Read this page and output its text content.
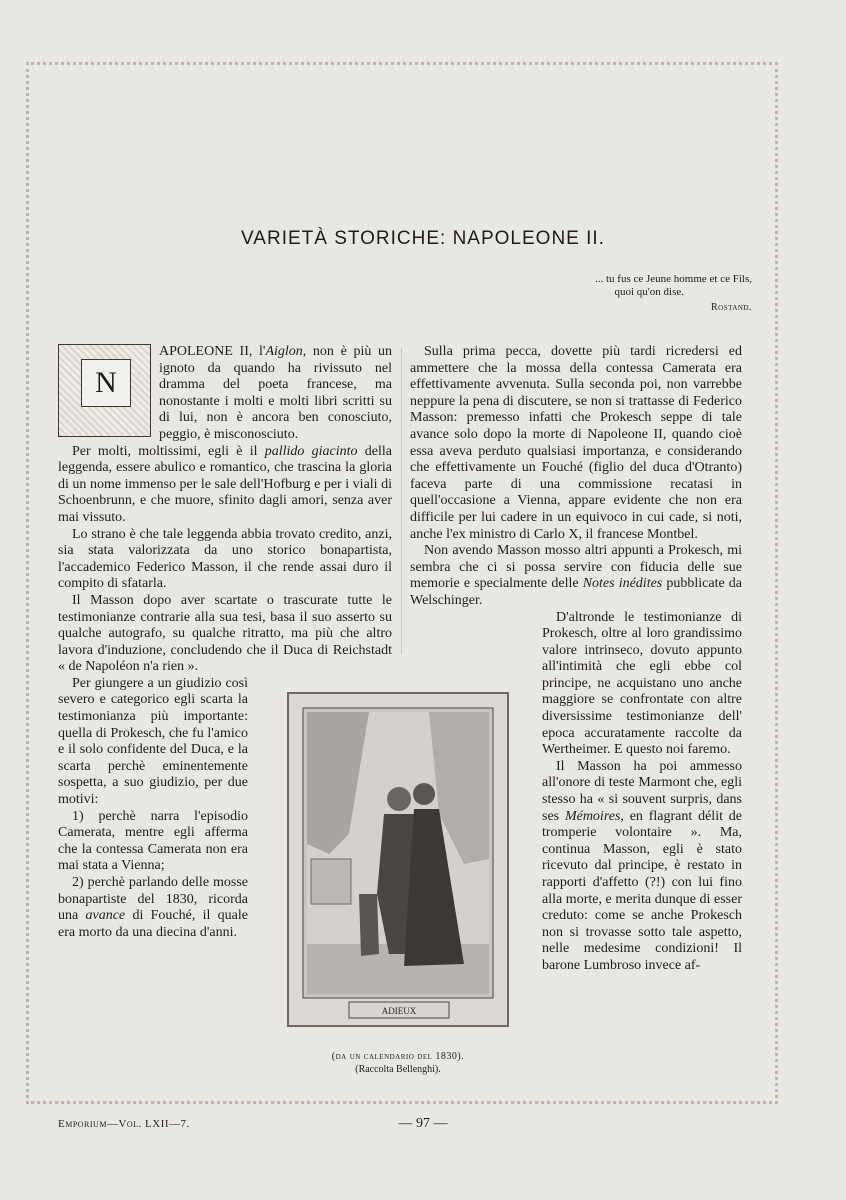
VARIETÀ STORICHE: NAPOLEONE II.
... tu fus ce Jeune homme et ce Fils,
quoi qu'on dise.
Rostand.
N

APOLEONE II, l'Aiglon, non è più un ignoto da quando ha rivissuto nel dramma del poeta francese, ma nonostante i molti e molti libri scritti su di lui, non è ancora ben conosciuto, peggio, è misconosciuto.

Per molti, moltissimi, egli è il pallido giacinto della leggenda, essere abulico e romantico, che trascina la gloria di un nome immenso per le sale dell'Hofburg e per i viali di Schoenbrunn, e che muore, sfinito dagli amori, senza aver mai vissuto.

Lo strano è che tale leggenda abbia trovato credito, anzi, sia stata valorizzata da uno storico bonapartista, l'accademico Federico Masson, il che rende assai duro il compito di sfatarla.

Il Masson dopo aver scartate o trascurate tutte le testimonianze contrarie alla sua tesi, basa il suo asserto su qualche autografo, su qualche ritratto, ma più che altro lavora d'induzione, concludendo che il Duca di Reichstadt « de Napoléon n'a rien ».

Per giungere a un giudizio così severo e categorico egli scarta la testimonianza più importante: quella di Prokesch, che fu l'amico e il solo confidente del Duca, e la scarta perchè eminentemente sospetta, a suo giudizio, per due motivi:

1) perchè narra l'episodio Camerata, mentre egli afferma che la contessa Camerata non era mai stata a Vienna;

2) perchè parlando delle mosse bonapartiste del 1830, ricorda una avance di Fouché, il quale era morto da una diecina d'anni.

Sulla prima pecca, dovette più tardi ricredersi ed ammettere che la mossa della contessa Camerata era effettivamente avvenuta. Sulla seconda poi, non varrebbe neppure la pena di discutere, se non si trattasse di Federico Masson: premesso infatti che Prokesch seppe di tale avance solo dopo la morte di Napoleone II, quando cioè essa aveva perduto qualsiasi importanza, e considerando che effettivamente un Fouché (figlio del duca d'Otranto) faceva parte di una commissione recatasi in quell'occasione a Vienna, appare evidente che non era difficile per lui cadere in un equivoco in cui cade, si noti, anche l'ex ministro di Carlo X, il francese Montbel.

Non avendo Masson mosso altri appunti a Prokesch, mi sembra che ci si possa servire con fiducia delle sue memorie e specialmente delle Notes inédites pubblicate da Welschinger.

D'altronde le testimonianze di Prokesch, oltre al loro grandissimo valore intrinseco, dovuto appunto all'intimità che egli ebbe col principe, ne acquistano uno anche maggiore se confrontate con altre diversissime testimonianze dell' epoca accuratamente raccolte da Wertheimer. E questo noi faremo.

Il Masson ha poi ammesso all'onore di teste Marmont che, egli stesso ha « si souvent surpris, dans ses Mémoires, en flagrant délit de tromperie volontaire ». Ma, continua Masson, egli è stato ricevuto dal principe, è restato in rapporti d'affetto (?!) con lui fino alla morte, e merita dunque di esser creduto: come se anche Prokesch non si trovasse sotto tale aspetto, nelle medesime condizioni! Il barone Lumbroso invece af-

ADIEUX
(da un calendario del 1830).
(Raccolta Bellenghi).
Emporium—Vol. LXII—7.	— 97 —
